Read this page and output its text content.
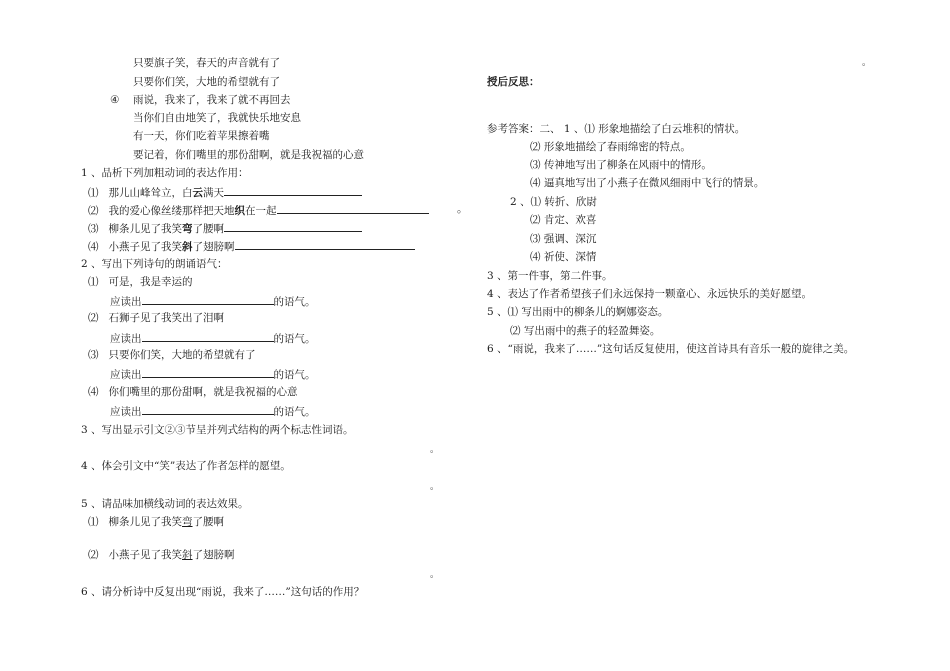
只要旗子笑，春天的声音就有了
只要你们笑，大地的希望就有了
④ 雨说，我来了，我来了就不再回去
当你们自由地笑了，我就快乐地安息
有一天，你们吃着苹果擦着嘴
要记着，你们嘴里的那份甜啊，就是我祝福的心意
1 、品析下列加粗动词的表达作用：
⑴ 那儿山峰耸立，白云满天
⑵ 我的爱心像丝缕那样把天地织在一起	。
⑶ 柳条儿见了我笑弯了腰啊
⑷ 小燕子见了我笑斜了翅膀啊
2 、写出下列诗句的朗诵语气：
⑴ 可是，我是幸运的
应读出	的语气。
⑵ 石狮子见了我笑出了泪啊
应读出	的语气。
⑶ 只要你们笑，大地的希望就有了
应读出	的语气。
⑷ 你们嘴里的那份甜啊，就是我祝福的心意
应读出	的语气。
3 、写出显示引文②③节呈并列式结构的两个标志性词语。
。
4 、体会引文中“笑”表达了作者怎样的愿望。
。
5 、请品味加横线动词的表达效果。
⑴ 柳条儿见了我笑弯了腰啊
⑵ 小燕子见了我笑斜了翅膀啊
。
6 、请分析诗中反复出现“雨说，我来了……”这句话的作用？
。
授后反思：
参考答案：二、 1 、⑴ 形象地描绘了白云堆积的情状。
⑵ 形象地描绘了春雨绵密的特点。
⑶ 传神地写出了柳条在风雨中的情形。
⑷ 逼真地写出了小燕子在微风细雨中飞行的情景。
2 、⑴ 转折、欣尉
⑵ 肯定、欢喜
⑶ 强调、深沉
⑷ 祈使、深情
3 、第一件事，第二件事。
4 、表达了作者希望孩子们永远保持一颗童心、永远快乐的美好愿望。
5 、⑴ 写出雨中的柳条儿的婀娜姿态。
⑵ 写出雨中的燕子的轻盈舞姿。
6 、“雨说，我来了……”这句话反复使用，使这首诗具有音乐一般的旋律之美。
